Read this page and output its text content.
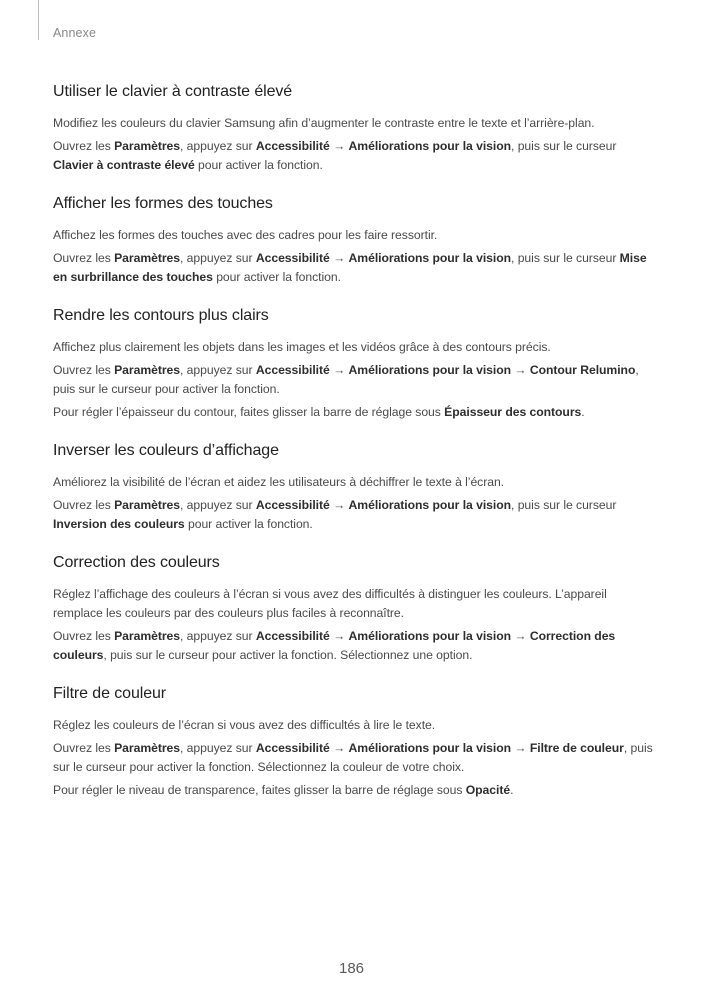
Annexe
Utiliser le clavier à contraste élevé

Modifiez les couleurs du clavier Samsung afin d’augmenter le contraste entre le texte et l’arrière-plan.

Ouvrez les Paramètres, appuyez sur Accessibilité → Améliorations pour la vision, puis sur le curseur Clavier à contraste élevé pour activer la fonction.

Afficher les formes des touches

Affichez les formes des touches avec des cadres pour les faire ressortir.

Ouvrez les Paramètres, appuyez sur Accessibilité → Améliorations pour la vision, puis sur le curseur Mise en surbrillance des touches pour activer la fonction.

Rendre les contours plus clairs

Affichez plus clairement les objets dans les images et les vidéos grâce à des contours précis.

Ouvrez les Paramètres, appuyez sur Accessibilité → Améliorations pour la vision → Contour Relumino, puis sur le curseur pour activer la fonction.

Pour régler l’épaisseur du contour, faites glisser la barre de réglage sous Épaisseur des contours.

Inverser les couleurs d’affichage

Améliorez la visibilité de l’écran et aidez les utilisateurs à déchiffrer le texte à l’écran.

Ouvrez les Paramètres, appuyez sur Accessibilité → Améliorations pour la vision, puis sur le curseur Inversion des couleurs pour activer la fonction.

Correction des couleurs

Réglez l’affichage des couleurs à l’écran si vous avez des difficultés à distinguer les couleurs. L’appareil remplace les couleurs par des couleurs plus faciles à reconnaître.

Ouvrez les Paramètres, appuyez sur Accessibilité → Améliorations pour la vision → Correction des couleurs, puis sur le curseur pour activer la fonction. Sélectionnez une option.

Filtre de couleur

Réglez les couleurs de l’écran si vous avez des difficultés à lire le texte.

Ouvrez les Paramètres, appuyez sur Accessibilité → Améliorations pour la vision → Filtre de couleur, puis sur le curseur pour activer la fonction. Sélectionnez la couleur de votre choix.

Pour régler le niveau de transparence, faites glisser la barre de réglage sous Opacité.

186
